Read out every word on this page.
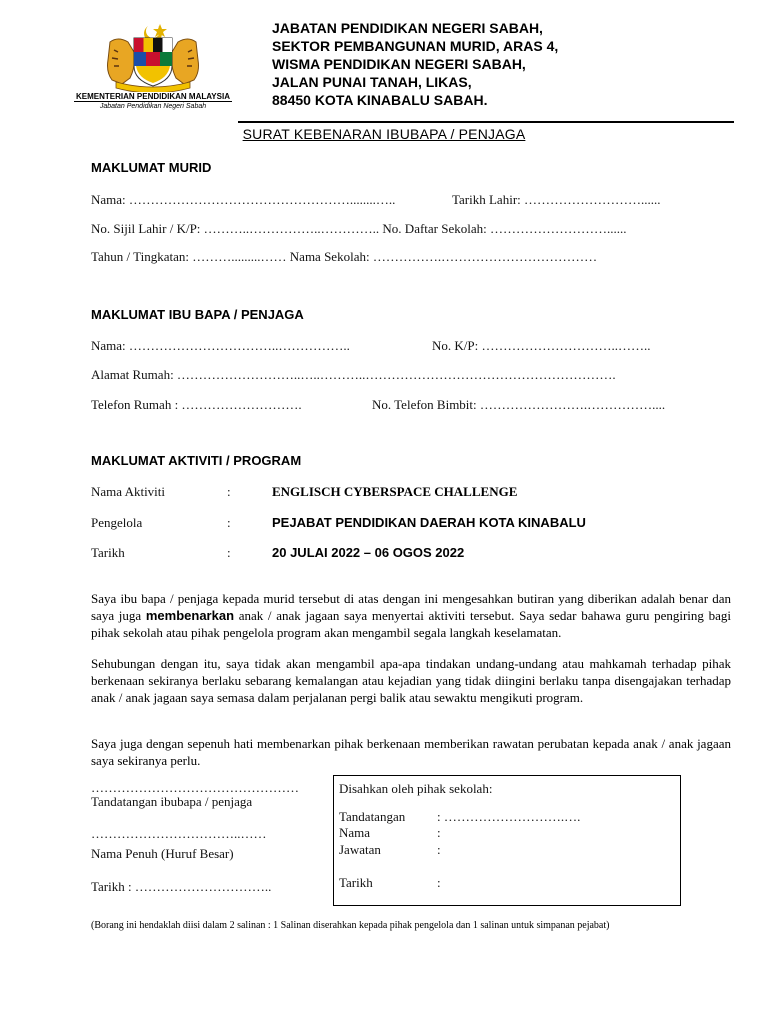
KEMENTERIAN PENDIDIKAN MALAYSIA
Jabatan Pendidikan Negeri Sabah
JABATAN PENDIDIKAN NEGERI SABAH,
SEKTOR PEMBANGUNAN MURID, ARAS 4,
WISMA PENDIDIKAN NEGERI SABAH,
JALAN PUNAI TANAH, LIKAS,
88450 KOTA KINABALU SABAH.
SURAT KEBENARAN IBUBAPA / PENJAGA
MAKLUMAT MURID
Nama: ……………………………………………........…..	Tarikh Lahir: ………………………......
No. Sijil Lahir / K/P: ………..……………..………….. No. Daftar Sekolah: ………………………......
Tahun / Tingkatan: ……….........…… Nama Sekolah: …………….………………………………
MAKLUMAT IBU BAPA / PENJAGA
Nama: ……………………………..……………..	No. K/P: …………………………..……..
Alamat Rumah: ………………………..…..………..………………………………………………….
Telefon Rumah : ……………………….	No. Telefon Bimbit: …………………….……………....
MAKLUMAT AKTIVITI / PROGRAM
Nama Aktiviti	:	ENGLISCH CYBERSPACE CHALLENGE
Pengelola	:	PEJABAT PENDIDIKAN DAERAH KOTA KINABALU
Tarikh	:	20 JULAI 2022 – 06 OGOS 2022
Saya ibu bapa / penjaga kepada murid tersebut di atas dengan ini mengesahkan butiran yang diberikan adalah benar dan saya juga membenarkan anak / anak jagaan saya menyertai aktiviti tersebut. Saya sedar bahawa guru pengiring bagi pihak sekolah atau pihak pengelola program akan mengambil segala langkah keselamatan.
Sehubungan dengan itu, saya tidak akan mengambil apa-apa tindakan undang-undang atau mahkamah terhadap pihak berkenaan sekiranya berlaku sebarang kemalangan atau kejadian yang tidak diingini berlaku tanpa disengajakan terhadap anak / anak jagaan saya semasa dalam perjalanan pergi balik atau sewaktu mengikuti program.
Saya juga dengan sepenuh hati membenarkan pihak berkenaan memberikan rawatan perubatan kepada anak / anak jagaan saya sekiranya perlu.
…………………………………………
Tandatangan ibubapa / penjaga
……………………………..……
Nama Penuh (Huruf Besar)
Tarikh : …………………………..
Disahkan oleh pihak sekolah:
Tandatangan : ……………………….….
Nama	:
Jawatan	:
Tarikh	:
(Borang ini hendaklah diisi dalam 2 salinan : 1 Salinan diserahkan kepada pihak pengelola dan 1 salinan untuk simpanan pejabat)
